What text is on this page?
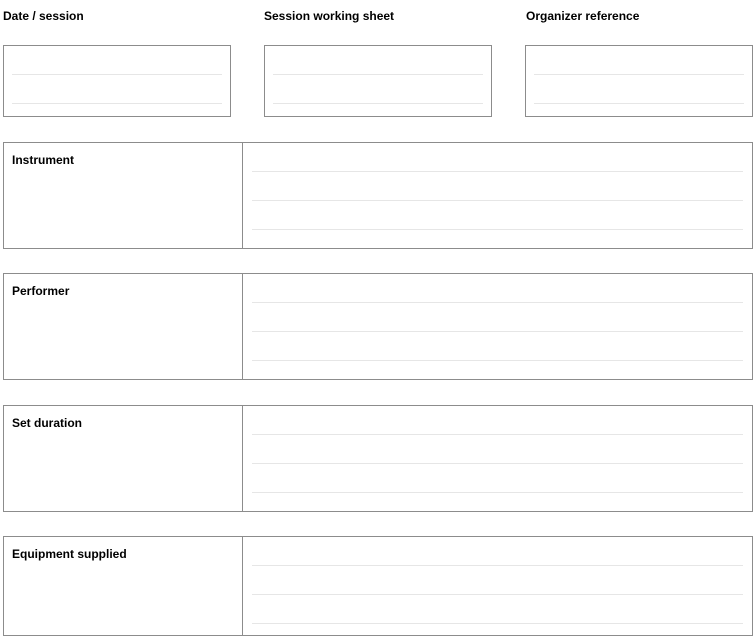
Date / session	Session working sheet	Organizer reference
Instrument
Performer
Set duration
Equipment supplied
